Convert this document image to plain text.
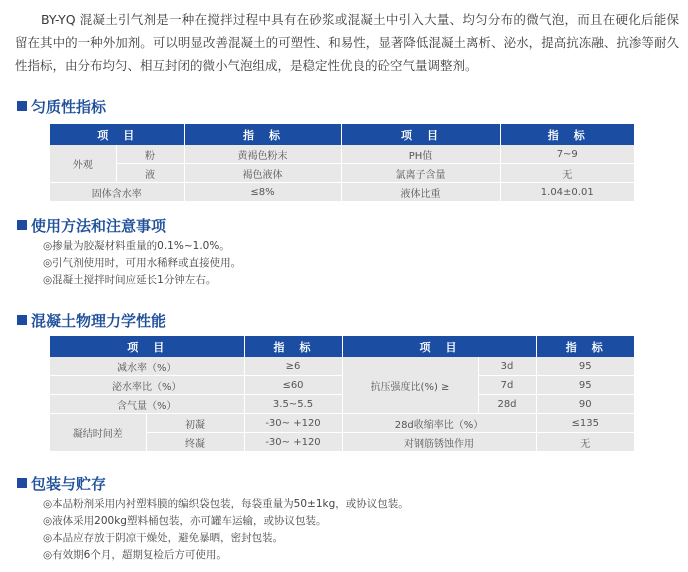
BY-YQ 混凝土引气剂是一种在搅拌过程中具有在砂浆或混凝土中引入大量、均匀分布的微气泡，而且在硬化后能保留在其中的一种外加剂。可以明显改善混凝土的可塑性、和易性，显著降低混凝土离析、泌水，提高抗冻融、抗渗等耐久性指标，由分布均匀、相互封闭的微小气泡组成，是稳定性优良的砼空气量调整剂。

匀质性指标
项　目		指　标	项　目	指　标
外观	粉	黄褐色粉末	PH值	7~9
	液	褐色液体	氯离子含量	无
固体含水率		≤8%	液体比重	1.04±0.01
使用方法和注意事项
◎掺量为胶凝材料重量的0.1%~1.0%。
◎引气剂使用时，可用水稀释或直接使用。
◎混凝土搅拌时间应延长1分钟左右。
混凝土物理力学性能
项　目		指　标	项　目		指　标
减水率（%）		≥6	抗压强度比(%) ≥	3d	95
泌水率比（%）		≤60		7d	95
含气量（%）		3.5~5.5		28d	90
凝结时间差	初凝	-30~ +120	28d收缩率比（%）		≤135
	终凝	-30~ +120	对钢筋锈蚀作用		无
包装与贮存
◎本品粉剂采用内衬塑料膜的编织袋包装，每袋重量为50±1kg，或协议包装。
◎液体采用200kg塑料桶包装，亦可罐车运输，或协议包装。
◎本品应存放于阴凉干燥处，避免暴晒，密封包装。
◎有效期6个月，超期复检后方可使用。
